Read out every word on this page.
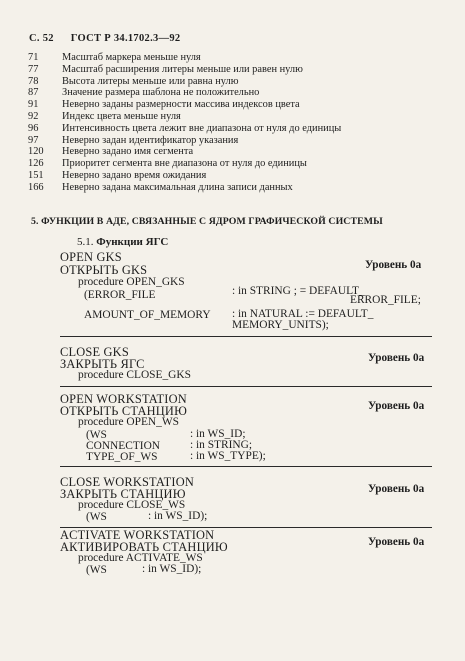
С. 52 ГОСТ Р 34.1702.3—92
71	Масштаб маркера меньше нуля
77	Масштаб расширения литеры меньше или равен нулю
78	Высота литеры меньше или равна нулю
87	Значение размера шаблона не положительно
91	Неверно заданы размерности массива индексов цвета
92	Индекс цвета меньше нуля
96	Интенсивность цвета лежит вне диапазона от нуля до единицы
97	Неверно задан идентификатор указания
120	Неверно задано имя сегмента
126	Приоритет сегмента вне диапазона от нуля до единицы
151	Неверно задано время ожидания
166	Неверно задана максимальная длина записи данных
5. ФУНКЦИИ В АДЕ, СВЯЗАННЫЕ С ЯДРОМ ГРАФИЧЕСКОЙ СИСТЕМЫ
5.1. Функции ЯГС
OPEN GKS
ОТКРЫТЬ GKS	Уровень 0а
procedure OPEN_GKS
(ERROR_FILE	: in STRING ; = DEFAULT_
ERROR_FILE;
AMOUNT_OF_MEMORY : in NATURAL := DEFAULT_
MEMORY_UNITS);
CLOSE GKS
ЗАКРЫТЬ ЯГС	Уровень 0а
procedure CLOSE_GKS
OPEN WORKSTATION
ОТКРЫТЬ СТАНЦИЮ	Уровень 0а
procedure OPEN_WS
(WS	: in WS_ID;
CONNECTION	: in STRING;
TYPE_OF_WS	: in WS_TYPE);
CLOSE WORKSTATION
ЗАКРЫТЬ СТАНЦИЮ	Уровень 0а
procedure CLOSE_WS
(WS	: in WS_ID);
ACTIVATE WORKSTATION
АКТИВИРОВАТЬ СТАНЦИЮ	Уровень 0а
procedure ACTIVATE_WS
(WS	: in WS_ID);
